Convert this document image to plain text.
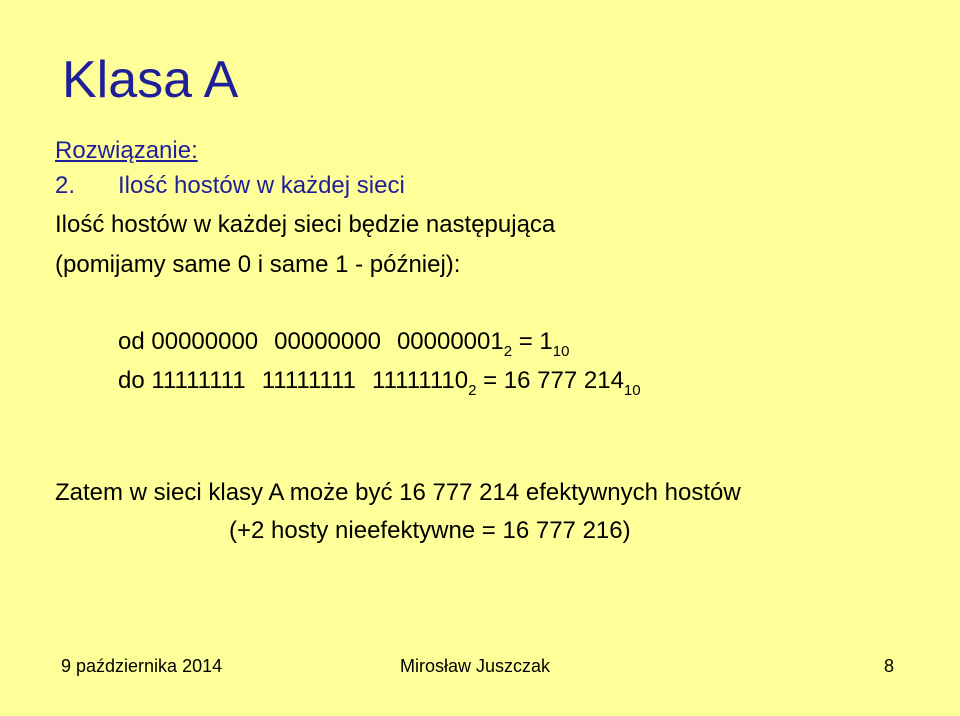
Klasa A
Rozwiązanie:
2. Ilość hostów w każdej sieci
Ilość hostów w każdej sieci będzie następująca
(pomijamy same 0 i same 1 - później):
od 00000000 00000000 $00000001_2 = 1_{10}$
do 11111111 11111111 $11111110_2 = 16$ 777 $214_{10}$
Zatem w sieci klasy A może być 16 777 214 efektywnych hostów
(+2 hosty nieefektywne = 16 777 216)
9 października 2014	Mirosław Juszczak	8
